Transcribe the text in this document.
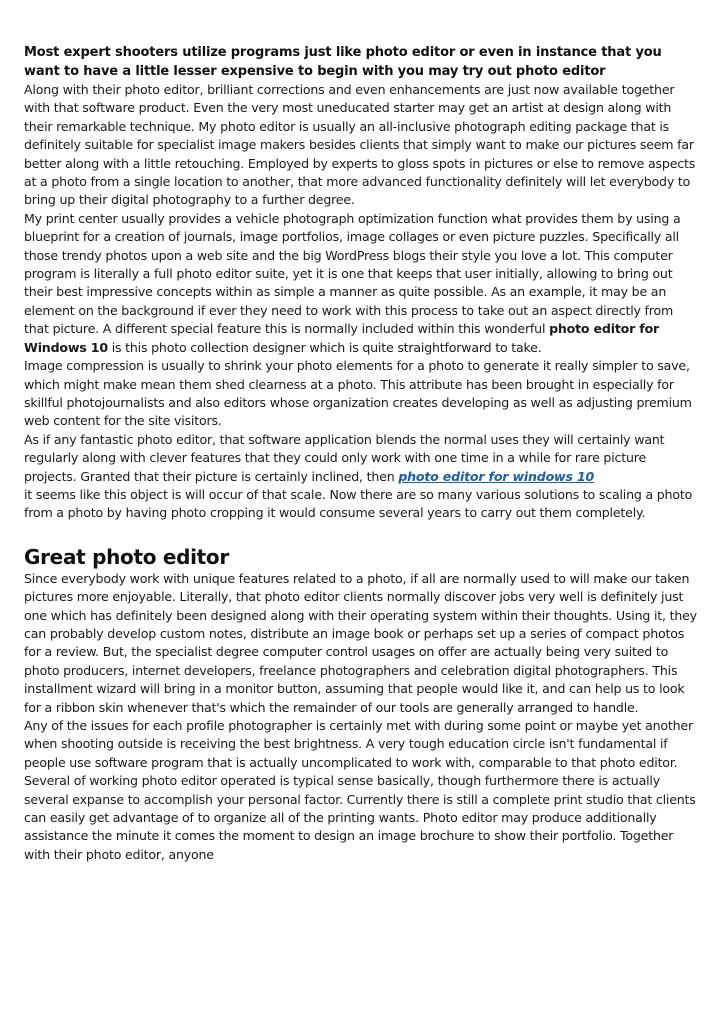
Most expert shooters utilize programs just like photo editor or even in instance that you want to have a little lesser expensive to begin with you may try out photo editor

Along with their photo editor, brilliant corrections and even enhancements are just now available together with that software product. Even the very most uneducated starter may get an artist at design along with their remarkable technique. My photo editor is usually an all-inclusive photograph editing package that is definitely suitable for specialist image makers besides clients that simply want to make our pictures seem far better along with a little retouching. Employed by experts to gloss spots in pictures or else to remove aspects at a photo from a single location to another, that more advanced functionality definitely will let everybody to bring up their digital photography to a further degree.

My print center usually provides a vehicle photograph optimization function what provides them by using a blueprint for a creation of journals, image portfolios, image collages or even picture puzzles. Specifically all those trendy photos upon a web site and the big WordPress blogs their style you love a lot. This computer program is literally a full photo editor suite, yet it is one that keeps that user initially, allowing to bring out their best impressive concepts within as simple a manner as quite possible. As an example, it may be an element on the background if ever they need to work with this process to take out an aspect directly from that picture. A different special feature this is normally included within this wonderful photo editor for Windows 10 is this photo collection designer which is quite straightforward to take.

Image compression is usually to shrink your photo elements for a photo to generate it really simpler to save, which might make mean them shed clearness at a photo. This attribute has been brought in especially for skillful photojournalists and also editors whose organization creates developing as well as adjusting premium web content for the site visitors.

As if any fantastic photo editor, that software application blends the normal uses they will certainly want regularly along with clever features that they could only work with one time in a while for rare picture projects. Granted that their picture is certainly inclined, then photo editor for windows 10

it seems like this object is will occur of that scale. Now there are so many various solutions to scaling a photo from a photo by having photo cropping it would consume several years to carry out them completely.

Great photo editor

Since everybody work with unique features related to a photo, if all are normally used to will make our taken pictures more enjoyable. Literally, that photo editor clients normally discover jobs very well is definitely just one which has definitely been designed along with their operating system within their thoughts. Using it, they can probably develop custom notes, distribute an image book or perhaps set up a series of compact photos for a review. But, the specialist degree computer control usages on offer are actually being very suited to photo producers, internet developers, freelance photographers and celebration digital photographers. This installment wizard will bring in a monitor button, assuming that people would like it, and can help us to look for a ribbon skin whenever that's which the remainder of our tools are generally arranged to handle.

Any of the issues for each profile photographer is certainly met with during some point or maybe yet another when shooting outside is receiving the best brightness. A very tough education circle isn't fundamental if people use software program that is actually uncomplicated to work with, comparable to that photo editor. Several of working photo editor operated is typical sense basically, though furthermore there is actually several expanse to accomplish your personal factor. Currently there is still a complete print studio that clients can easily get advantage of to organize all of the printing wants. Photo editor may produce additionally assistance the minute it comes the moment to design an image brochure to show their portfolio. Together with their photo editor, anyone
